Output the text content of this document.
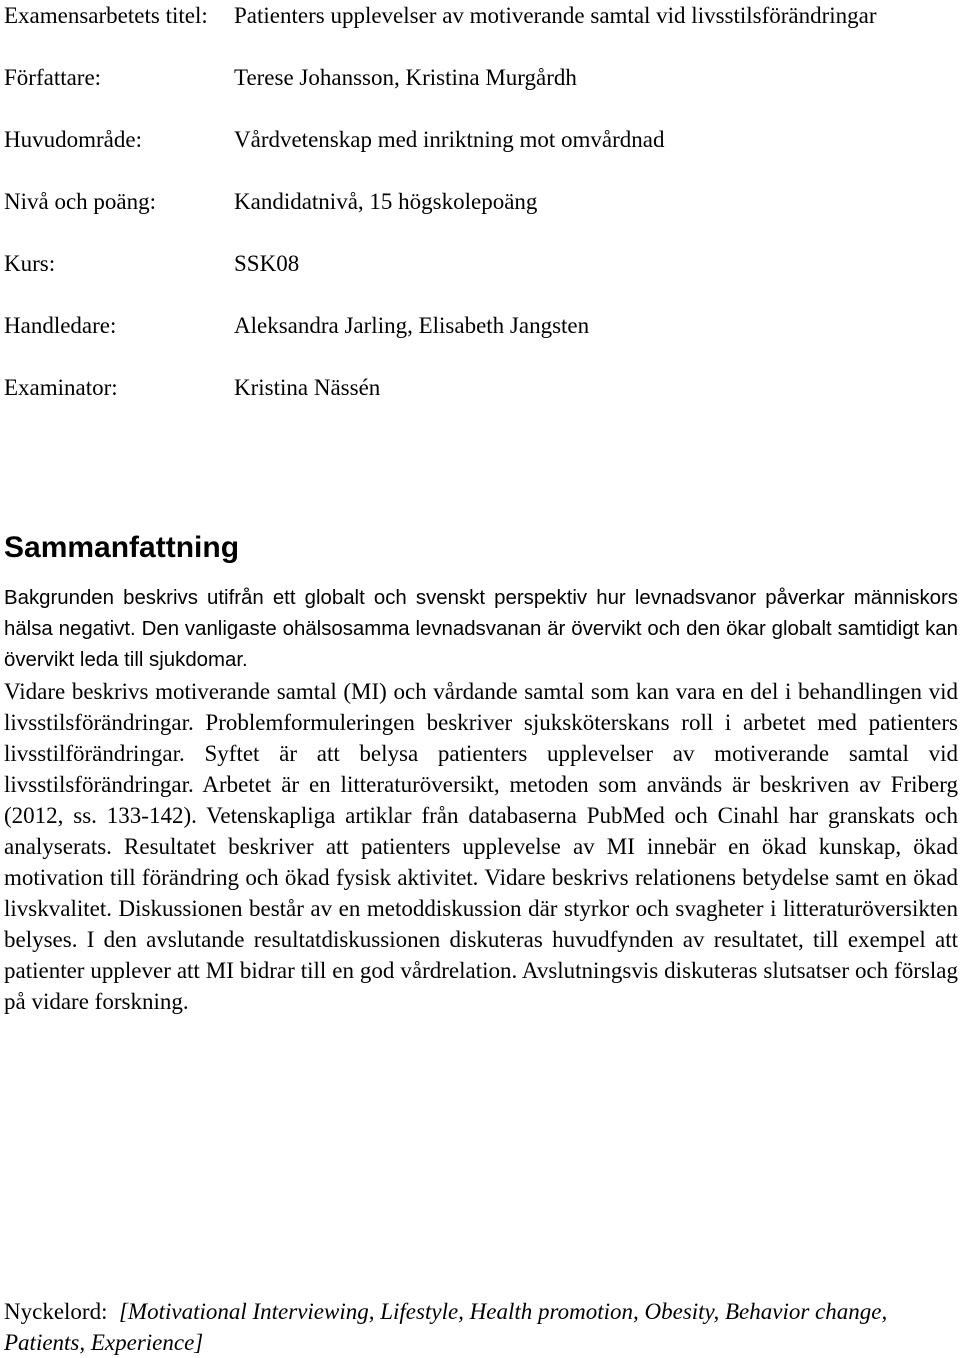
Examensarbetets titel:	Patienters upplevelser av motiverande samtal vid livsstilsförändringar
Författare:	Terese Johansson, Kristina Murgårdh
Huvudområde:	Vårdvetenskap med inriktning mot omvårdnad
Nivå och poäng:	Kandidatnivå, 15 högskolepoäng
Kurs:	SSK08
Handledare:	Aleksandra Jarling, Elisabeth Jangsten
Examinator:	Kristina Nässén
Sammanfattning

Bakgrunden beskrivs utifrån ett globalt och svenskt perspektiv hur levnadsvanor påverkar människors hälsa negativt. Den vanligaste ohälsosamma levnadsvanan är övervikt och den ökar globalt samtidigt kan övervikt leda till sjukdomar.

Vidare beskrivs motiverande samtal (MI) och vårdande samtal som kan vara en del i behandlingen vid livsstilsförändringar. Problemformuleringen beskriver sjuksköterskans roll i arbetet med patienters livsstilförändringar. Syftet är att belysa patienters upplevelser av motiverande samtal vid livsstilsförändringar. Arbetet är en litteraturöversikt, metoden som används är beskriven av Friberg (2012, ss. 133-142). Vetenskapliga artiklar från databaserna PubMed och Cinahl har granskats och analyserats. Resultatet beskriver att patienters upplevelse av MI innebär en ökad kunskap, ökad motivation till förändring och ökad fysisk aktivitet. Vidare beskrivs relationens betydelse samt en ökad livskvalitet. Diskussionen består av en metoddiskussion där styrkor och svagheter i litteraturöversikten belyses. I den avslutande resultatdiskussionen diskuteras huvudfynden av resultatet, till exempel att patienter upplever att MI bidrar till en god vårdrelation. Avslutningsvis diskuteras slutsatser och förslag på vidare forskning.

Nyckelord: [Motivational Interviewing, Lifestyle, Health promotion, Obesity, Behavior change, Patients, Experience]
